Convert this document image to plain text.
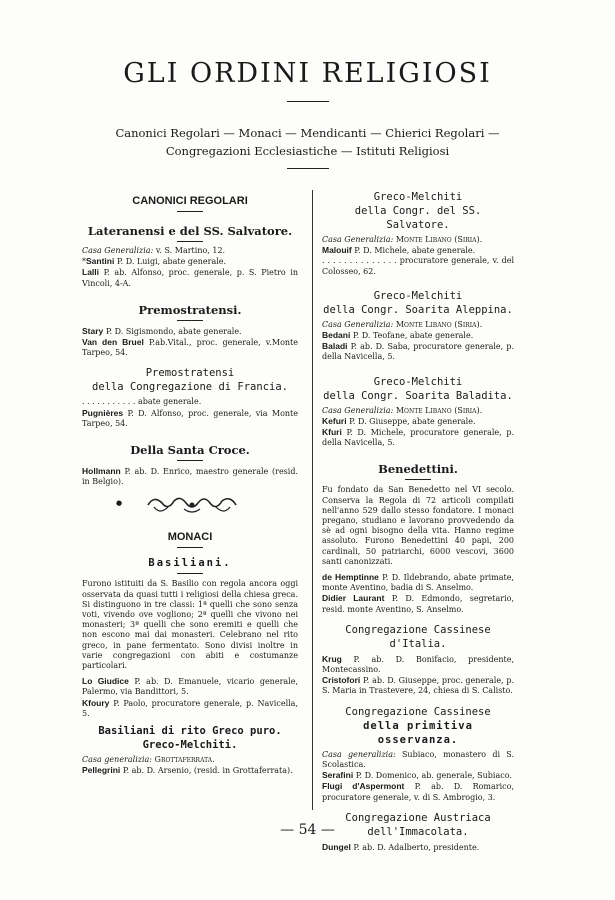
GLI ORDINI RELIGIOSI
Canonici Regolari — Monaci — Mendicanti — Chierici Regolari —
Congregazioni Ecclesiastiche — Istituti Religiosi

CANONICI REGOLARI

Lateranensi e del SS. Salvatore.

Casa Generalizia: v. S. Martino, 12.

*Santini P. D. Luigi, abate generale.

Lalli P. ab. Alfonso, proc. generale, p. S. Pietro in Vincoli, 4-A.

Premostratensi.

Stary P. D. Sigismondo, abate generale.

Van den Bruel P.ab.Vital., proc. generale, v.Monte Tarpeo, 54.

Premostratensi

della Congregazione di Francia.

. . . . . . . . . . . abate generale.

Pugnières P. D. Alfonso, proc. generale, via Monte Tarpeo, 54.

Della Santa Croce.

Hollmann P. ab. D. Enrico, maestro generale (resid. in Belgio).

●

MONACI

Basiliani.

Furono istituiti da S. Basilio con regola ancora oggi osservata da quasi tutti i religiosi della chiesa greca. Si distinguono in tre classi: 1ª quelli che sono senza voti, vivendo ove vogliono; 2ª quelli che vivono nei monasteri; 3ª quelli che sono eremiti e quelli che non escono mai dai monasteri. Celebrano nel rito greco, in pane fermentato. Sono divisi inoltre in varie congregazioni con abiti e costumanze particolari.

Lo Giudice P. ab. D. Emanuele, vicario generale, Palermo, via Bandittori, 5.

Kfoury P. Paolo, procuratore generale, p. Navicella, 5.

Basiliani di rito Greco puro.

Greco-Melchiti.

Casa generalizia: Grottaferrata.

Pellegrini P. ab. D. Arsenio, (resid. in Grottaferrata).

Greco-Melchiti

della Congr. del SS. Salvatore.

Casa Generalizia: Monte Libano (Siria).

Malouif P. D. Michele, abate generale.

. . . . . . . . . . . . . . procuratore generale, v. del Colosseo, 62.

Greco-Melchiti

della Congr. Soarita Aleppina.

Casa Generalizia: Monte Libano (Siria).

Bedani P. D. Teofane, abate generale.

Baladi P. ab. D. Saba, procuratore generale, p. della Navicella, 5.

Greco-Melchiti

della Congr. Soarita Baladita.

Casa Generalizia: Monte Libano (Siria).

Kefuri P. D. Giuseppe, abate generale.

Kfuri P. D. Michele, procuratore generale, p. della Navicella, 5.

Benedettini.

Fu fondato da San Benedetto nel VI secolo. Conserva la Regola di 72 articoli compilati nell'anno 529 dallo stesso fondatore. I monaci pregano, studiano e lavorano provvedendo da sè ad ogni bisogno della vita. Hanno regime assoluto. Furono Benedettini 40 papi, 200 cardinali, 50 patriarchi, 6000 vescovi, 3600 santi canonizzati.

de Hemptinne P. D. Ildebrando, abate primate, monte Aventino, badia di S. Anselmo.

Didier Laurant P. D. Edmondo, segretario, resid. monte Aventino, S. Anselmo.

Congregazione Cassinese d'Italia.

Krug P. ab. D. Bonifacio, presidente, Montecassino.

Cristofori P. ab. D. Giuseppe, proc. generale, p. S. Maria in Trastevere, 24, chiesa di S. Calisto.

Congregazione Cassinese

della primitiva osservanza.

Casa generalizia: Subiaco, monastero di S. Scolastica.

Serafini P. D. Domenico, ab. generale, Subiaco.

Flugi d'Aspermont P. ab. D. Romarico, procuratore generale, v. di S. Ambrogio, 3.

Congregazione Austriaca

dell'Immacolata.

Dungel P. ab. D. Adalberto, presidente.

— 54 —
